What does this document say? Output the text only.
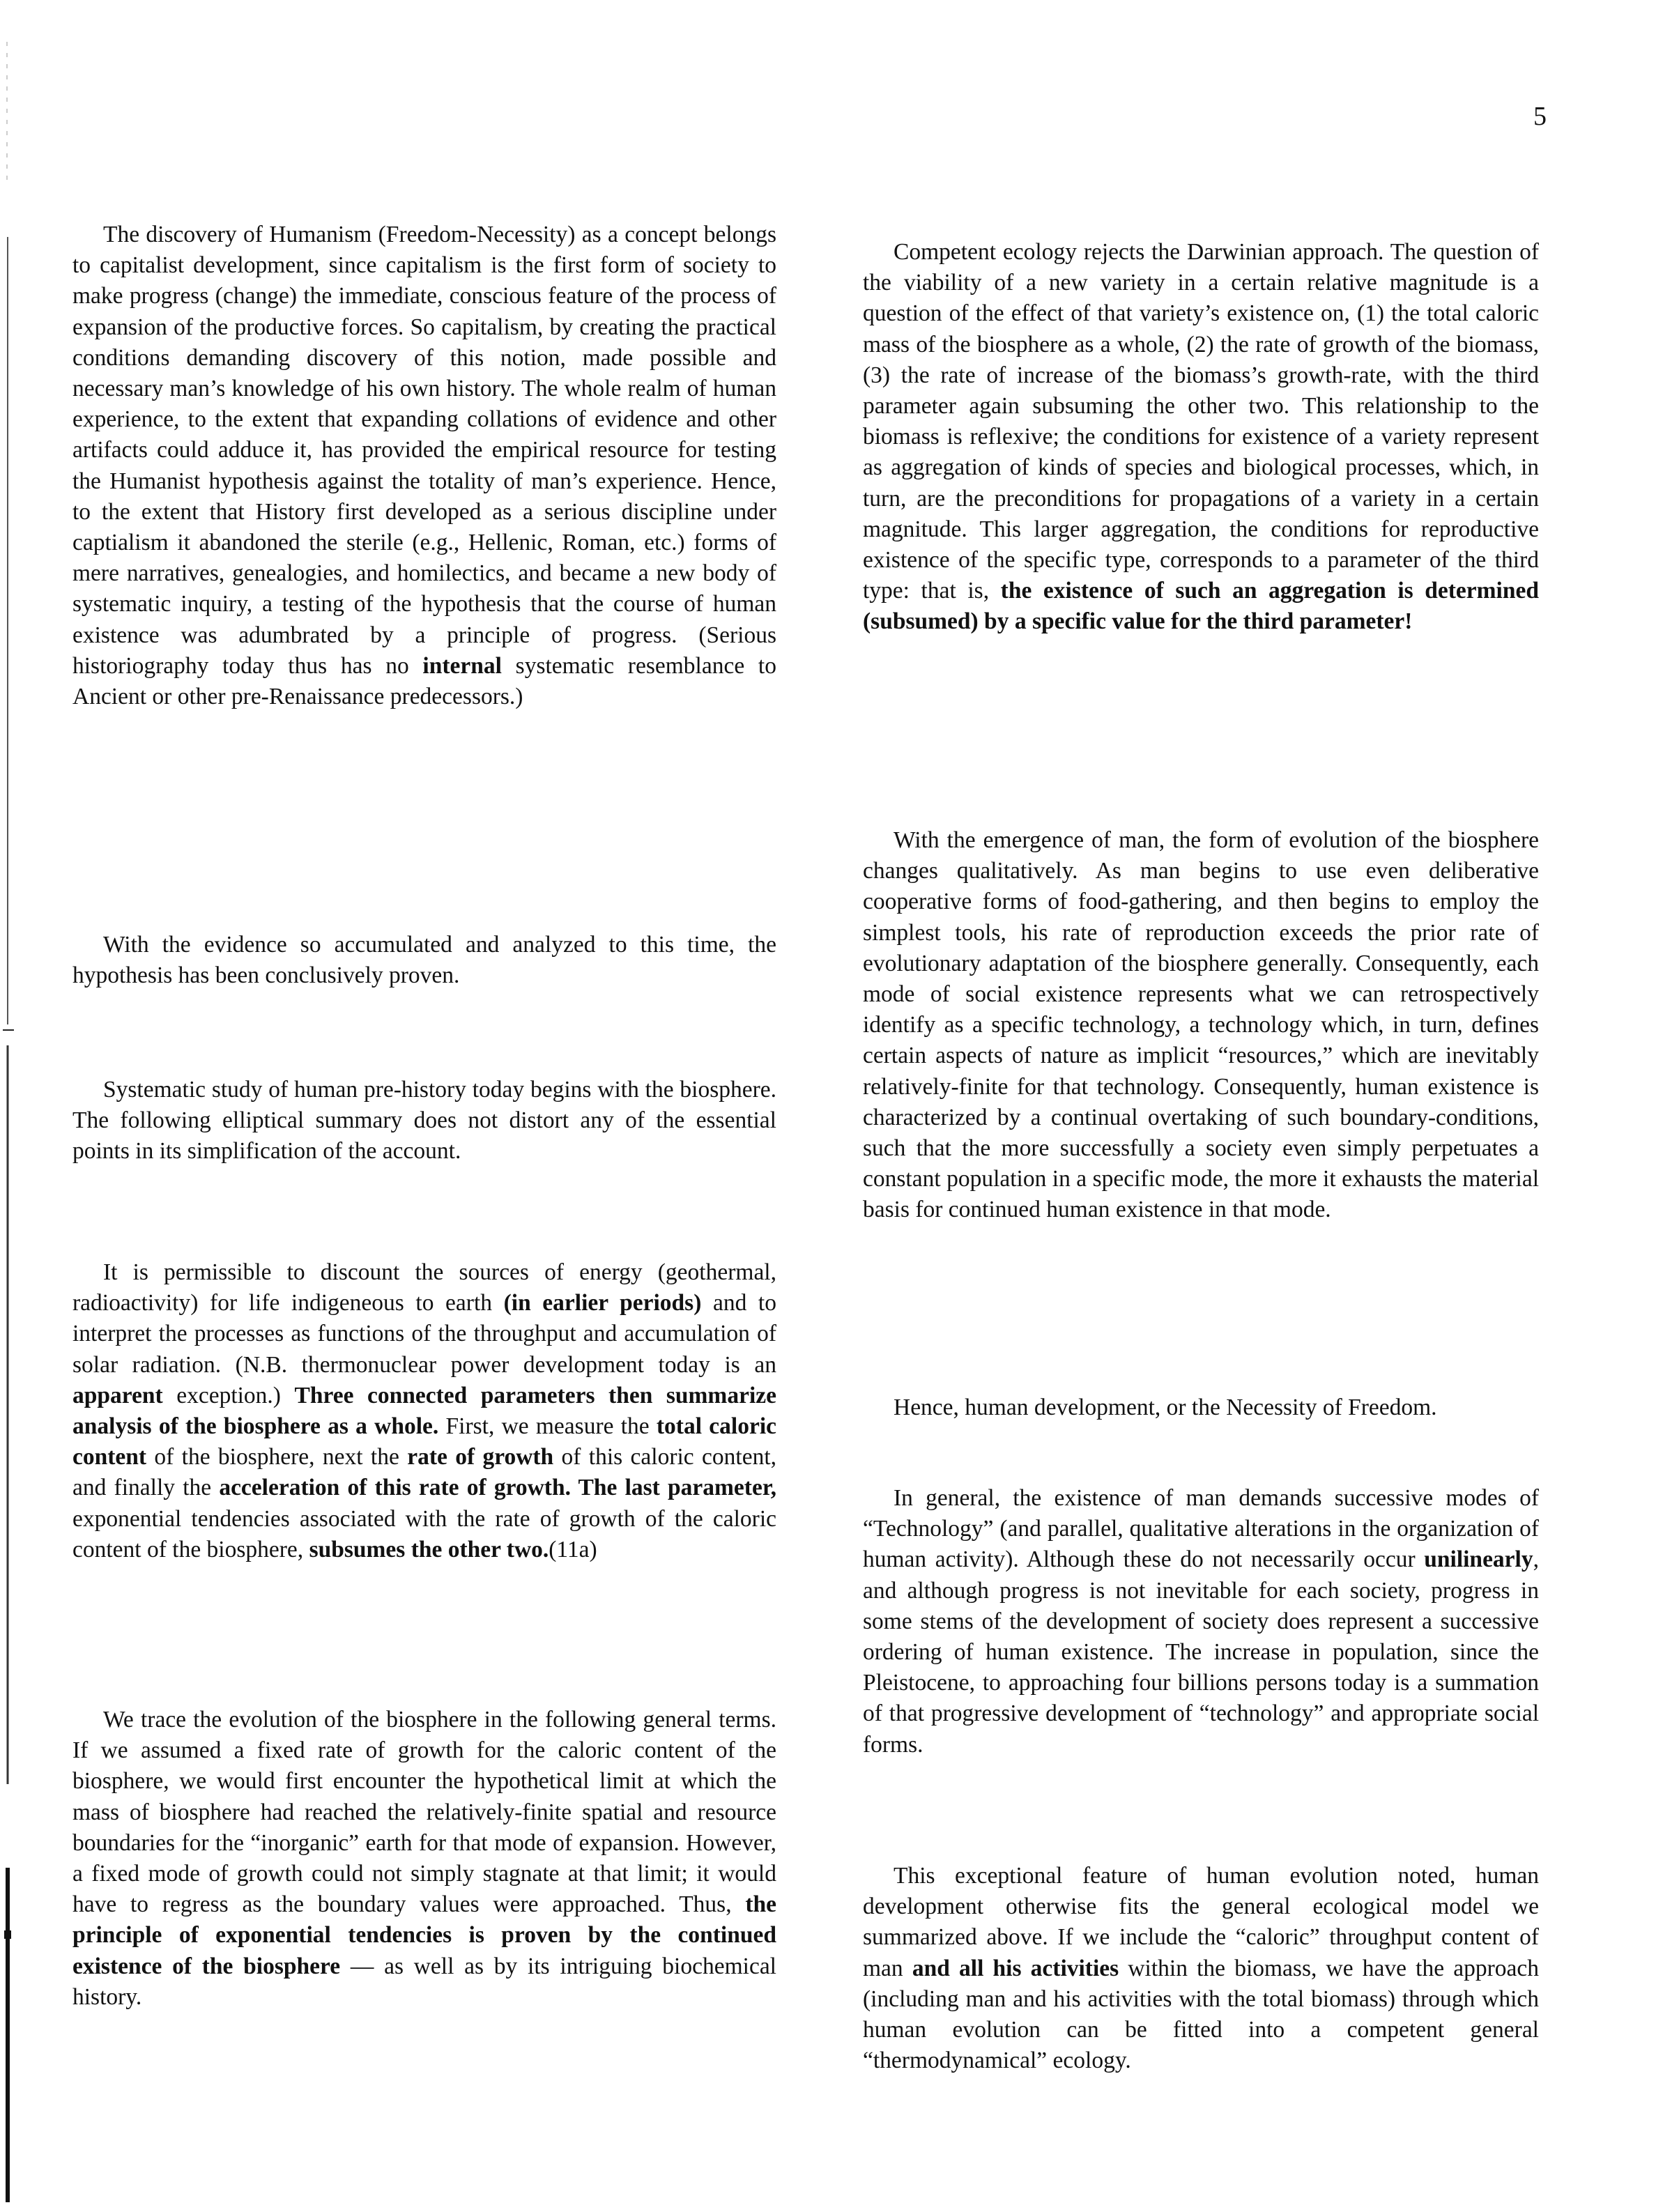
5

The discovery of Humanism (Freedom-Necessity) as a concept belongs to capitalist development, since capitalism is the first form of society to make progress (change) the immediate, conscious feature of the process of expansion of the productive forces. So capitalism, by creating the practical conditions demanding discovery of this notion, made possible and necessary man’s knowledge of his own history. The whole realm of human experience, to the extent that expanding collations of evidence and other artifacts could adduce it, has provided the empirical resource for testing the Humanist hypothesis against the totality of man’s experience. Hence, to the extent that History first developed as a serious discipline under captialism it abandoned the sterile (e.g., Hellenic, Roman, etc.) forms of mere narratives, genealogies, and homilectics, and became a new body of systematic inquiry, a testing of the hypothesis that the course of human existence was adumbrated by a principle of progress. (Serious historiography today thus has no internal systematic resemblance to Ancient or other pre-Renaissance predecessors.)

With the evidence so accumulated and analyzed to this time, the hypothesis has been conclusively proven.

Systematic study of human pre-history today begins with the biosphere. The following elliptical summary does not distort any of the essential points in its simplification of the account.

It is permissible to discount the sources of energy (geothermal, radioactivity) for life indigeneous to earth (in earlier periods) and to interpret the processes as functions of the throughput and accumulation of solar radiation. (N.B. thermonuclear power development today is an apparent exception.) Three connected parameters then summarize analysis of the biosphere as a whole. First, we measure the total caloric content of the biosphere, next the rate of growth of this caloric content, and finally the acceleration of this rate of growth. The last parameter, exponential tendencies associated with the rate of growth of the caloric content of the biosphere, subsumes the other two.(11a)

We trace the evolution of the biosphere in the following general terms. If we assumed a fixed rate of growth for the caloric content of the biosphere, we would first encounter the hypothetical limit at which the mass of biosphere had reached the relatively-finite spatial and resource boundaries for the “inorganic” earth for that mode of expansion. However, a fixed mode of growth could not simply stagnate at that limit; it would have to regress as the boundary values were approached. Thus, the principle of exponential tendencies is proven by the continued existence of the biosphere — as well as by its intriguing biochemical history.

Competent ecology rejects the Darwinian approach. The question of the viability of a new variety in a certain relative magnitude is a question of the effect of that variety’s existence on, (1) the total caloric mass of the biosphere as a whole, (2) the rate of growth of the biomass, (3) the rate of increase of the biomass’s growth-rate, with the third parameter again subsuming the other two. This relationship to the biomass is reflexive; the conditions for existence of a variety represent as aggregation of kinds of species and biological processes, which, in turn, are the preconditions for propagations of a variety in a certain magnitude. This larger aggregation, the conditions for reproductive existence of the specific type, corresponds to a parameter of the third type: that is, the existence of such an aggregation is determined (subsumed) by a specific value for the third parameter!

With the emergence of man, the form of evolution of the biosphere changes qualitatively. As man begins to use even deliberative cooperative forms of food-gathering, and then begins to employ the simplest tools, his rate of reproduction exceeds the prior rate of evolutionary adaptation of the biosphere generally. Consequently, each mode of social existence represents what we can retrospectively identify as a specific technology, a technology which, in turn, defines certain aspects of nature as implicit “resources,” which are inevitably relatively-finite for that technology. Consequently, human existence is characterized by a continual overtaking of such boundary-conditions, such that the more successfully a society even simply perpetuates a constant population in a specific mode, the more it exhausts the material basis for continued human existence in that mode.

Hence, human development, or the Necessity of Freedom.

In general, the existence of man demands successive modes of “Technology” (and parallel, qualitative alterations in the organization of human activity). Although these do not necessarily occur unilinearly, and although progress is not inevitable for each society, progress in some stems of the development of society does represent a successive ordering of human existence. The increase in population, since the Pleistocene, to approaching four billions persons today is a summation of that progressive development of “technology” and appropriate social forms.

This exceptional feature of human evolution noted, human development otherwise fits the general ecological model we summarized above. If we include the “caloric” throughput content of man and all his activities within the biomass, we have the approach (including man and his activities with the total biomass) through which human evolution can be fitted into a competent general “thermodynamical” ecology.
